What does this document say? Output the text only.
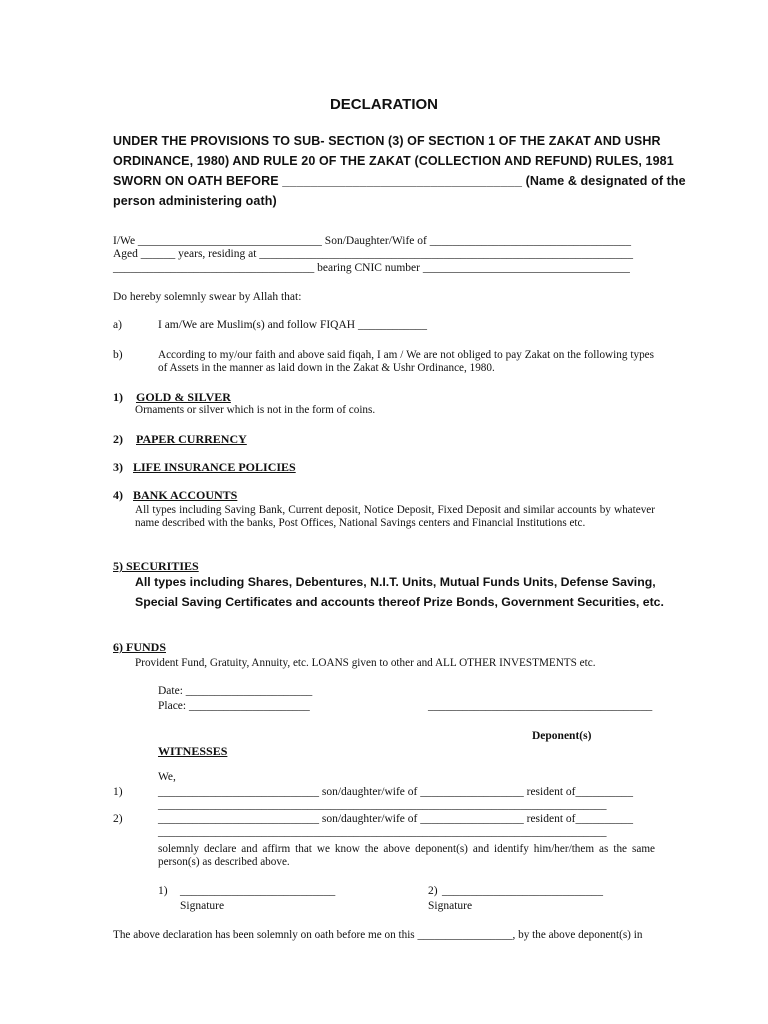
DECLARATION
UNDER THE PROVISIONS TO SUB- SECTION (3) OF SECTION 1 OF THE ZAKAT AND USHR
ORDINANCE, 1980) AND RULE 20 OF THE ZAKAT (COLLECTION AND REFUND) RULES, 1981
SWORN ON OATH BEFORE __________________________________ (Name & designated of the
person administering oath)
I/We ________________________________ Son/Daughter/Wife of ___________________________________
Aged ______ years, residing at _________________________________________________________________
___________________________________ bearing CNIC number ____________________________________
Do hereby solemnly swear by Allah that:
a)	I am/We are Muslim(s) and follow FIQAH ____________
b)	According to my/our faith and above said fiqah, I am / We are not obliged to pay Zakat on the following types of Assets in the manner as laid down in the Zakat & Ushr Ordinance, 1980.
1) GOLD & SILVER
Ornaments or silver which is not in the form of coins.
2) PAPER CURRENCY
3) LIFE INSURANCE POLICIES
4) BANK ACCOUNTS
All types including Saving Bank, Current deposit, Notice Deposit, Fixed Deposit and similar accounts by whatever name described with the banks, Post Offices, National Savings centers and Financial Institutions etc.
5) SECURITIES
All types including Shares, Debentures, N.I.T. Units, Mutual Funds Units, Defense Saving,
Special Saving Certificates and accounts thereof Prize Bonds, Government Securities, etc.
6) FUNDS
Provident Fund, Gratuity, Annuity, etc. LOANS given to other and ALL OTHER INVESTMENTS etc.
Date: ______________________
Place: _____________________	_______________________________________
Deponent(s)
WITNESSES
We,
1)	____________________________ son/daughter/wife of __________________ resident of__________
______________________________________________________________________________
2)	____________________________ son/daughter/wife of __________________ resident of__________
______________________________________________________________________________
solemnly declare and affirm that we know the above deponent(s) and identify him/her/them as the same person(s) as described above.
1) ___________________________
Signature
2) ____________________________
Signature
The above declaration has been solemnly on oath before me on this _________________, by the above deponent(s) in
